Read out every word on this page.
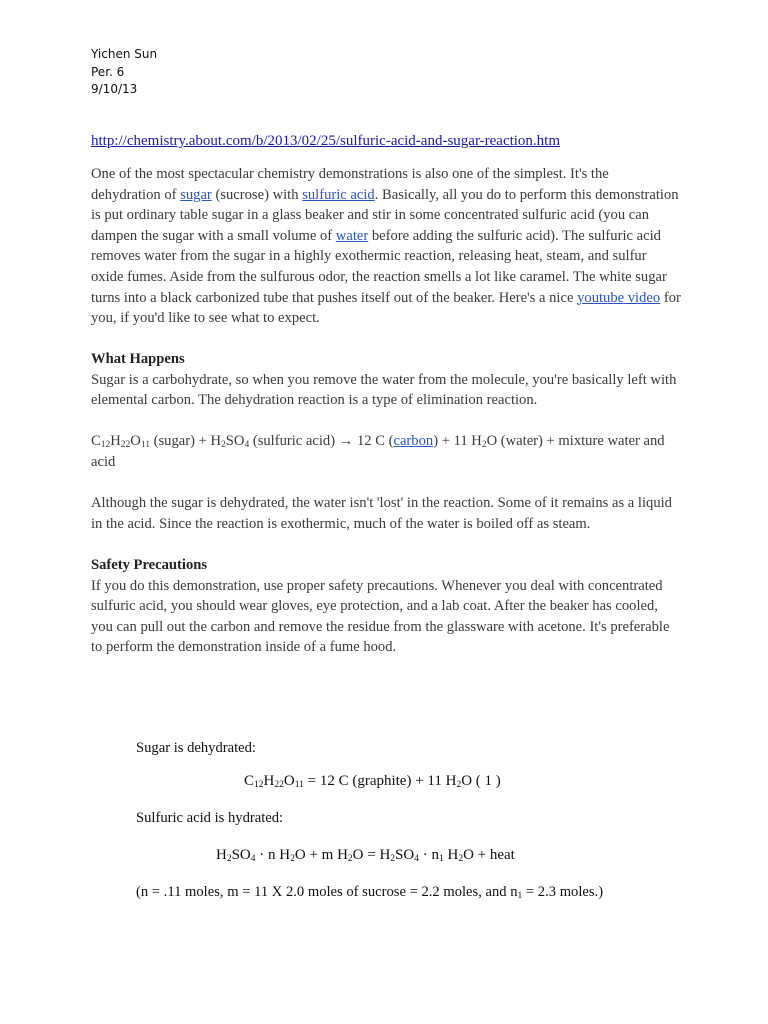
Yichen Sun
Per. 6
9/10/13
http://chemistry.about.com/b/2013/02/25/sulfuric-acid-and-sugar-reaction.htm
One of the most spectacular chemistry demonstrations is also one of the simplest. It's the dehydration of sugar (sucrose) with sulfuric acid. Basically, all you do to perform this demonstration is put ordinary table sugar in a glass beaker and stir in some concentrated sulfuric acid (you can dampen the sugar with a small volume of water before adding the sulfuric acid). The sulfuric acid removes water from the sugar in a highly exothermic reaction, releasing heat, steam, and sulfur oxide fumes. Aside from the sulfurous odor, the reaction smells a lot like caramel. The white sugar turns into a black carbonized tube that pushes itself out of the beaker. Here's a nice youtube video for you, if you'd like to see what to expect.
What Happens
Sugar is a carbohydrate, so when you remove the water from the molecule, you're basically left with elemental carbon. The dehydration reaction is a type of elimination reaction.
$C_{12}H_{22}O_{11}$ (sugar) + $H_2SO_4$ (sulfuric acid) → 12 C (carbon) + 11 $H_2O$ (water) + mixture water and acid
Although the sugar is dehydrated, the water isn't 'lost' in the reaction. Some of it remains as a liquid in the acid. Since the reaction is exothermic, much of the water is boiled off as steam.
Safety Precautions
If you do this demonstration, use proper safety precautions. Whenever you deal with concentrated sulfuric acid, you should wear gloves, eye protection, and a lab coat. After the beaker has cooled, you can pull out the carbon and remove the residue from the glassware with acetone. It's preferable to perform the demonstration inside of a fume hood.
Sugar is dehydrated:
$C_{12}H_{22}O_{11} = 12$ C (graphite) + 11 $H_2O$ ( 1 )
Sulfuric acid is hydrated:
$H_2SO_4 \cdot n$ $H_2O + m$ $H_2O = H_2SO_4 \cdot n_1$ $H_2O$ + heat
(n = .11 moles, m = 11 X 2.0 moles of sucrose = 2.2 moles, and $n_1 = 2.3$ moles.)
